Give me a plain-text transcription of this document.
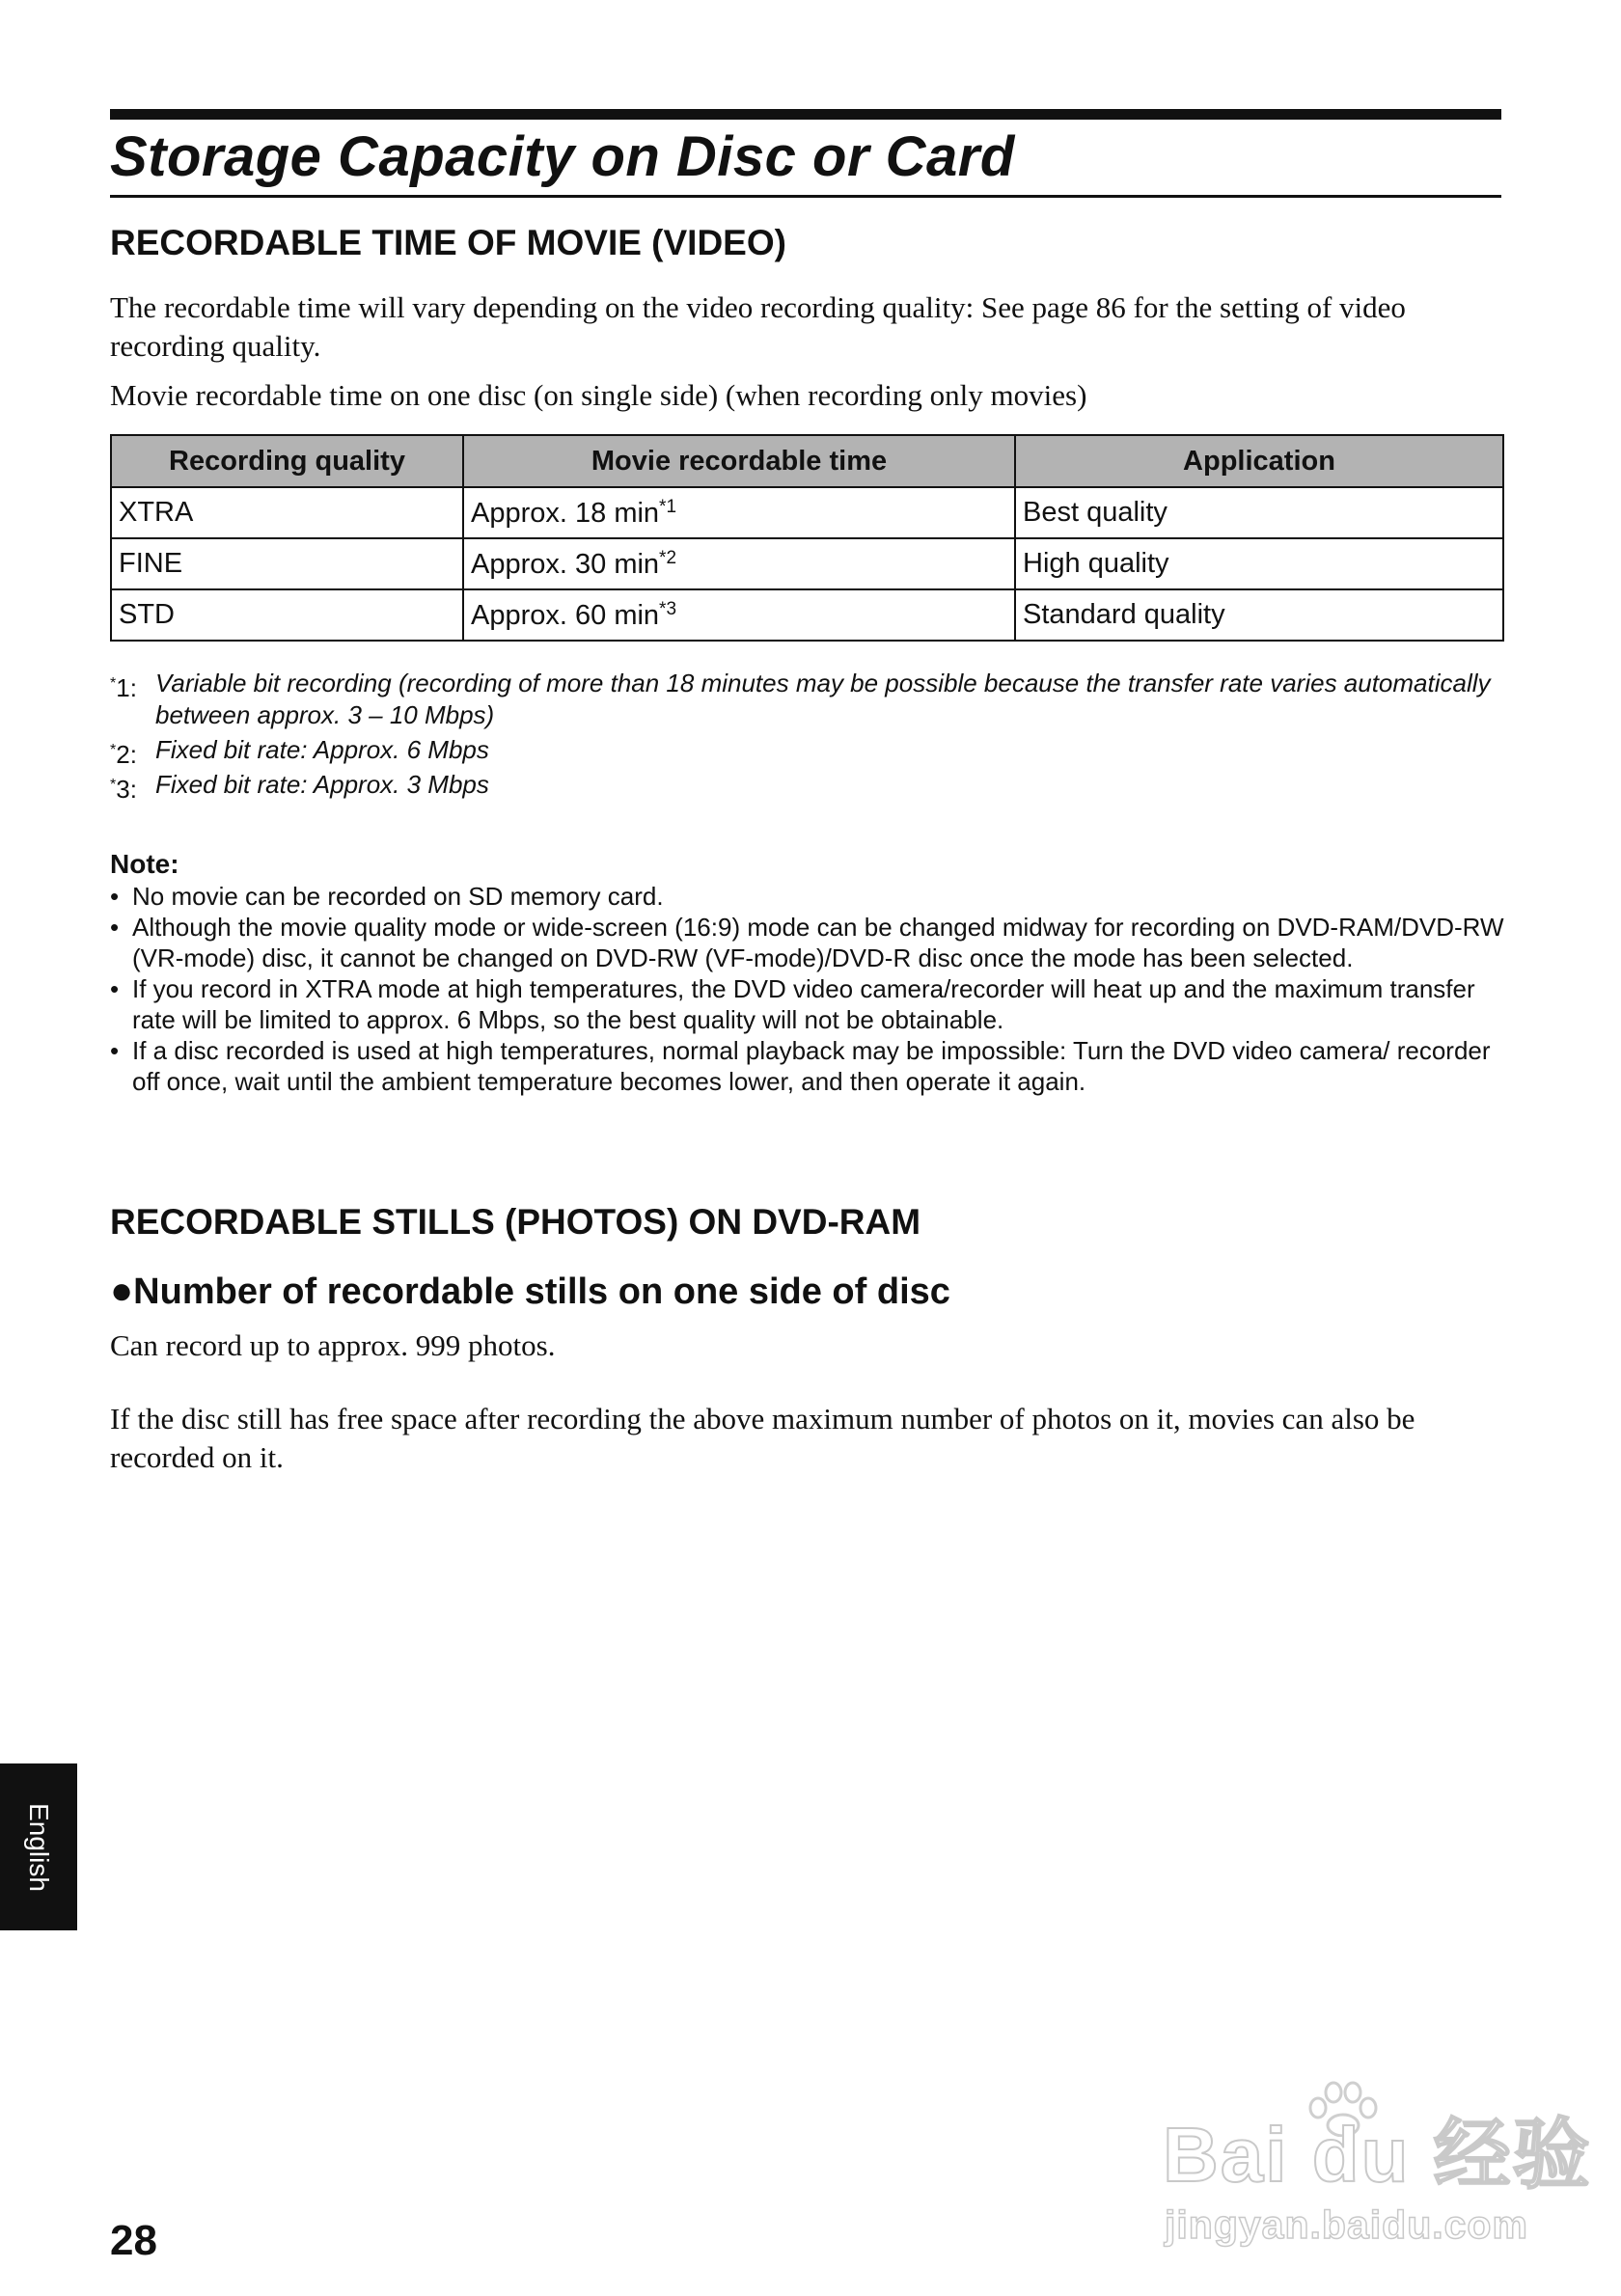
Storage Capacity on Disc or Card
RECORDABLE TIME OF MOVIE (VIDEO)

The recordable time will vary depending on the video recording quality: See page 86 for the setting of video recording quality.

Movie recordable time on one disc (on single side) (when recording only movies)

Recording quality	Movie recordable time	Application
XTRA	Approx. 18 min$^{*1}$	Best quality
FINE	Approx. 30 min$^{*2}$	High quality
STD	Approx. 60 min$^{*3}$	Standard quality
*1: Variable bit recording (recording of more than 18 minutes may be possible because the transfer rate varies automatically between approx. 3 – 10 Mbps)
*2: Fixed bit rate: Approx. 6 Mbps
*3: Fixed bit rate: Approx. 3 Mbps
Note:
• No movie can be recorded on SD memory card.
• Although the movie quality mode or wide-screen (16:9) mode can be changed midway for recording on DVD-RAM/DVD-RW (VR-mode) disc, it cannot be changed on DVD-RW (VF-mode)/DVD-R disc once the mode has been selected.
• If you record in XTRA mode at high temperatures, the DVD video camera/recorder will heat up and the maximum transfer rate will be limited to approx. 6 Mbps, so the best quality will not be obtainable.
• If a disc recorded is used at high temperatures, normal playback may be impossible: Turn the DVD video camera/ recorder off once, wait until the ambient temperature becomes lower, and then operate it again.
RECORDABLE STILLS (PHOTOS) ON DVD-RAM
●Number of recordable stills on one side of disc

Can record up to approx. 999 photos.

If the disc still has free space after recording the above maximum number of photos on it, movies can also be recorded on it.

English
28
Bai du 经验
jingyan.baidu.com
